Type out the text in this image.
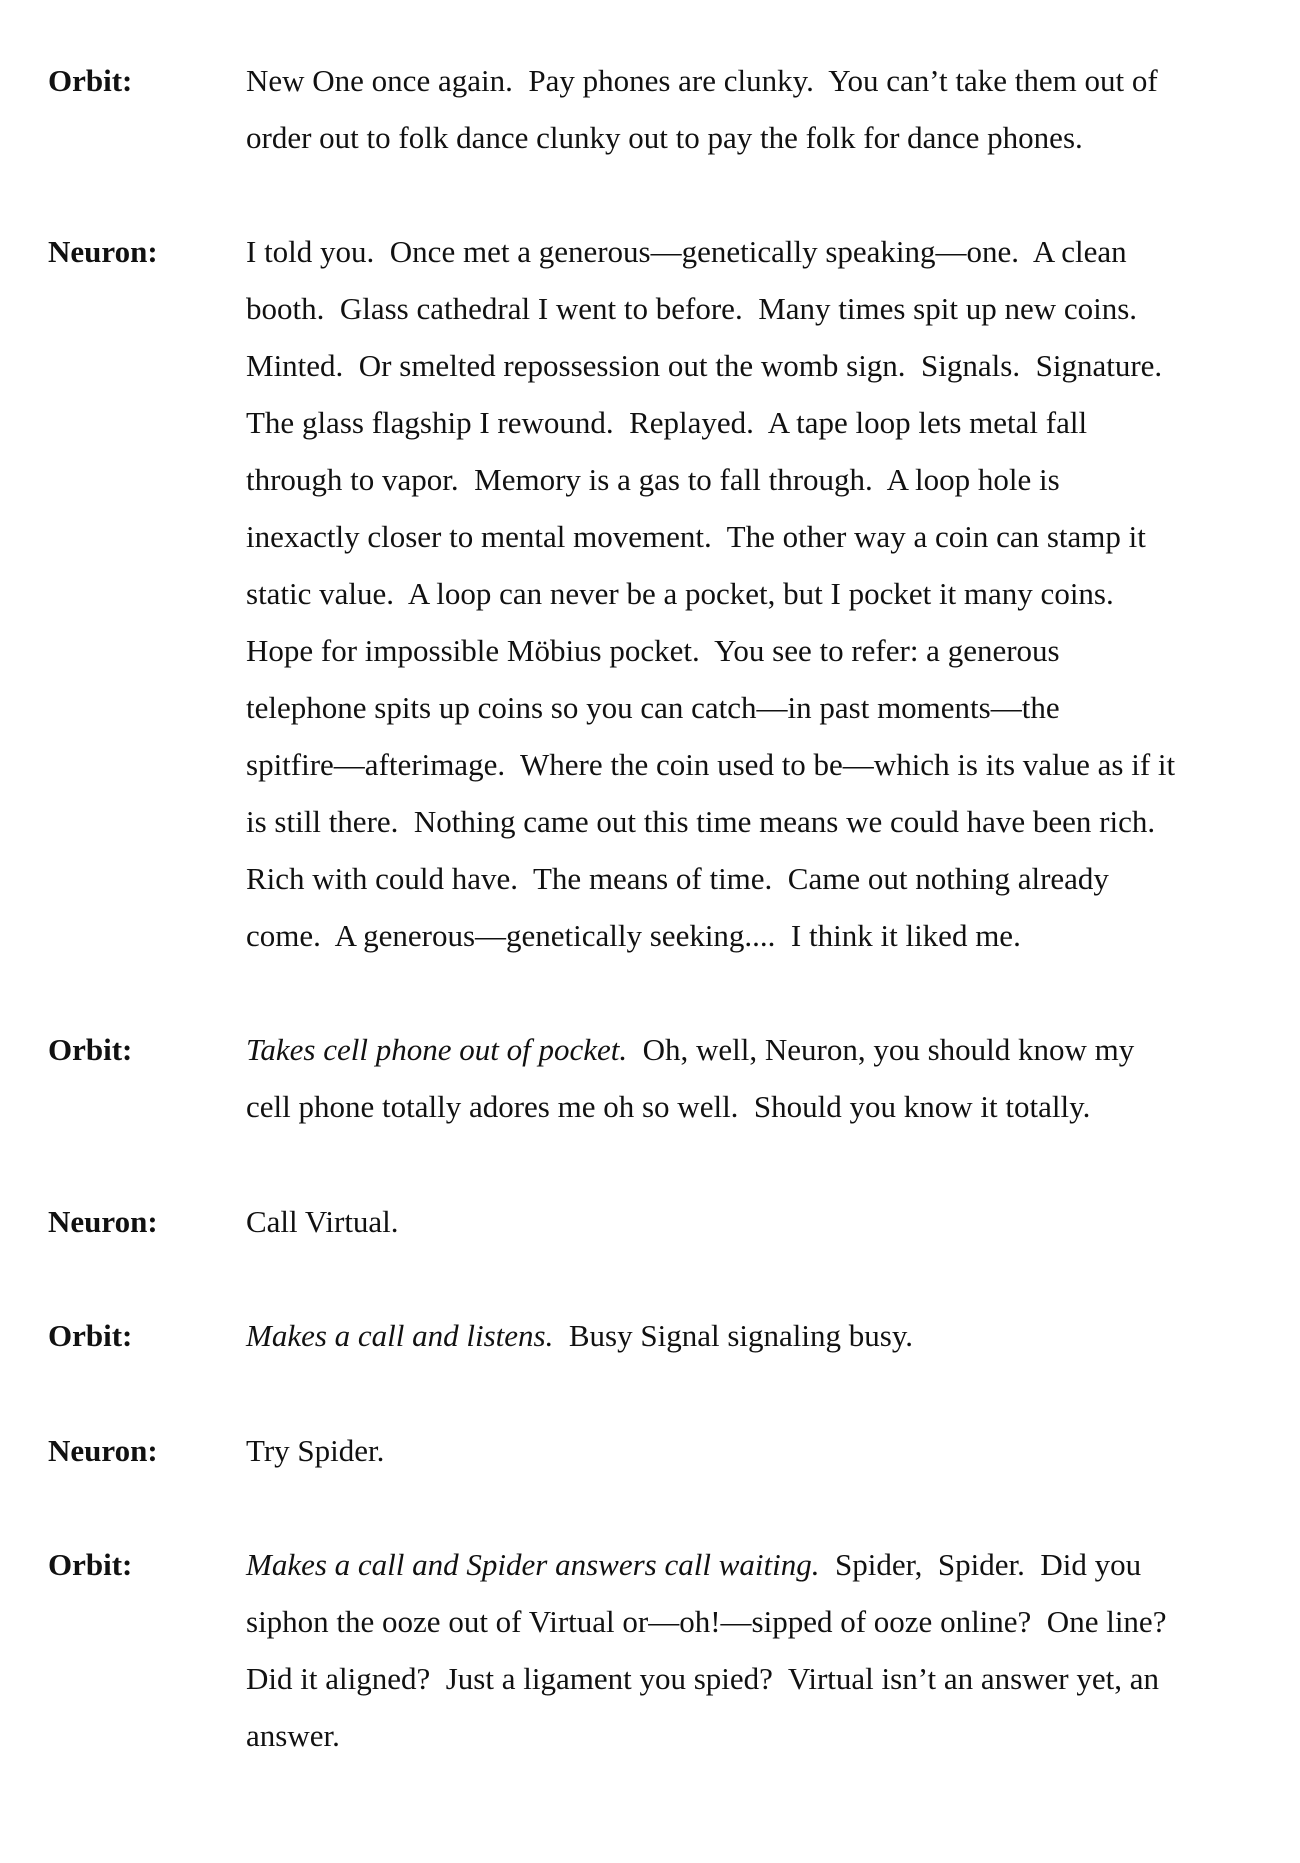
Orbit:	New One once again.  Pay phones are clunky.  You can’t take them out of
order out to folk dance clunky out to pay the folk for dance phones.
Neuron:	I told you.  Once met a generous—genetically speaking—one.  A clean
booth.  Glass cathedral I went to before.  Many times spit up new coins.
Minted.  Or smelted repossession out the womb sign.  Signals.  Signature.
The glass flagship I rewound.  Replayed.  A tape loop lets metal fall
through to vapor.  Memory is a gas to fall through.  A loop hole is
inexactly closer to mental movement.  The other way a coin can stamp it
static value.  A loop can never be a pocket, but I pocket it many coins.
Hope for impossible Möbius pocket.  You see to refer: a generous
telephone spits up coins so you can catch—in past moments—the
spitfire—afterimage.  Where the coin used to be—which is its value as if it
is still there.  Nothing came out this time means we could have been rich.
Rich with could have.  The means of time.  Came out nothing already
come.  A generous—genetically seeking....  I think it liked me.
Orbit:	Takes cell phone out of pocket.  Oh, well, Neuron, you should know my
cell phone totally adores me oh so well.  Should you know it totally.
Neuron:	Call Virtual.
Orbit:	Makes a call and listens.  Busy Signal signaling busy.
Neuron:	Try Spider.
Orbit:	Makes a call and Spider answers call waiting.  Spider,  Spider.  Did you
siphon the ooze out of Virtual or—oh!—sipped of ooze online?  One line?
Did it aligned?  Just a ligament you spied?  Virtual isn’t an answer yet, an
answer.
